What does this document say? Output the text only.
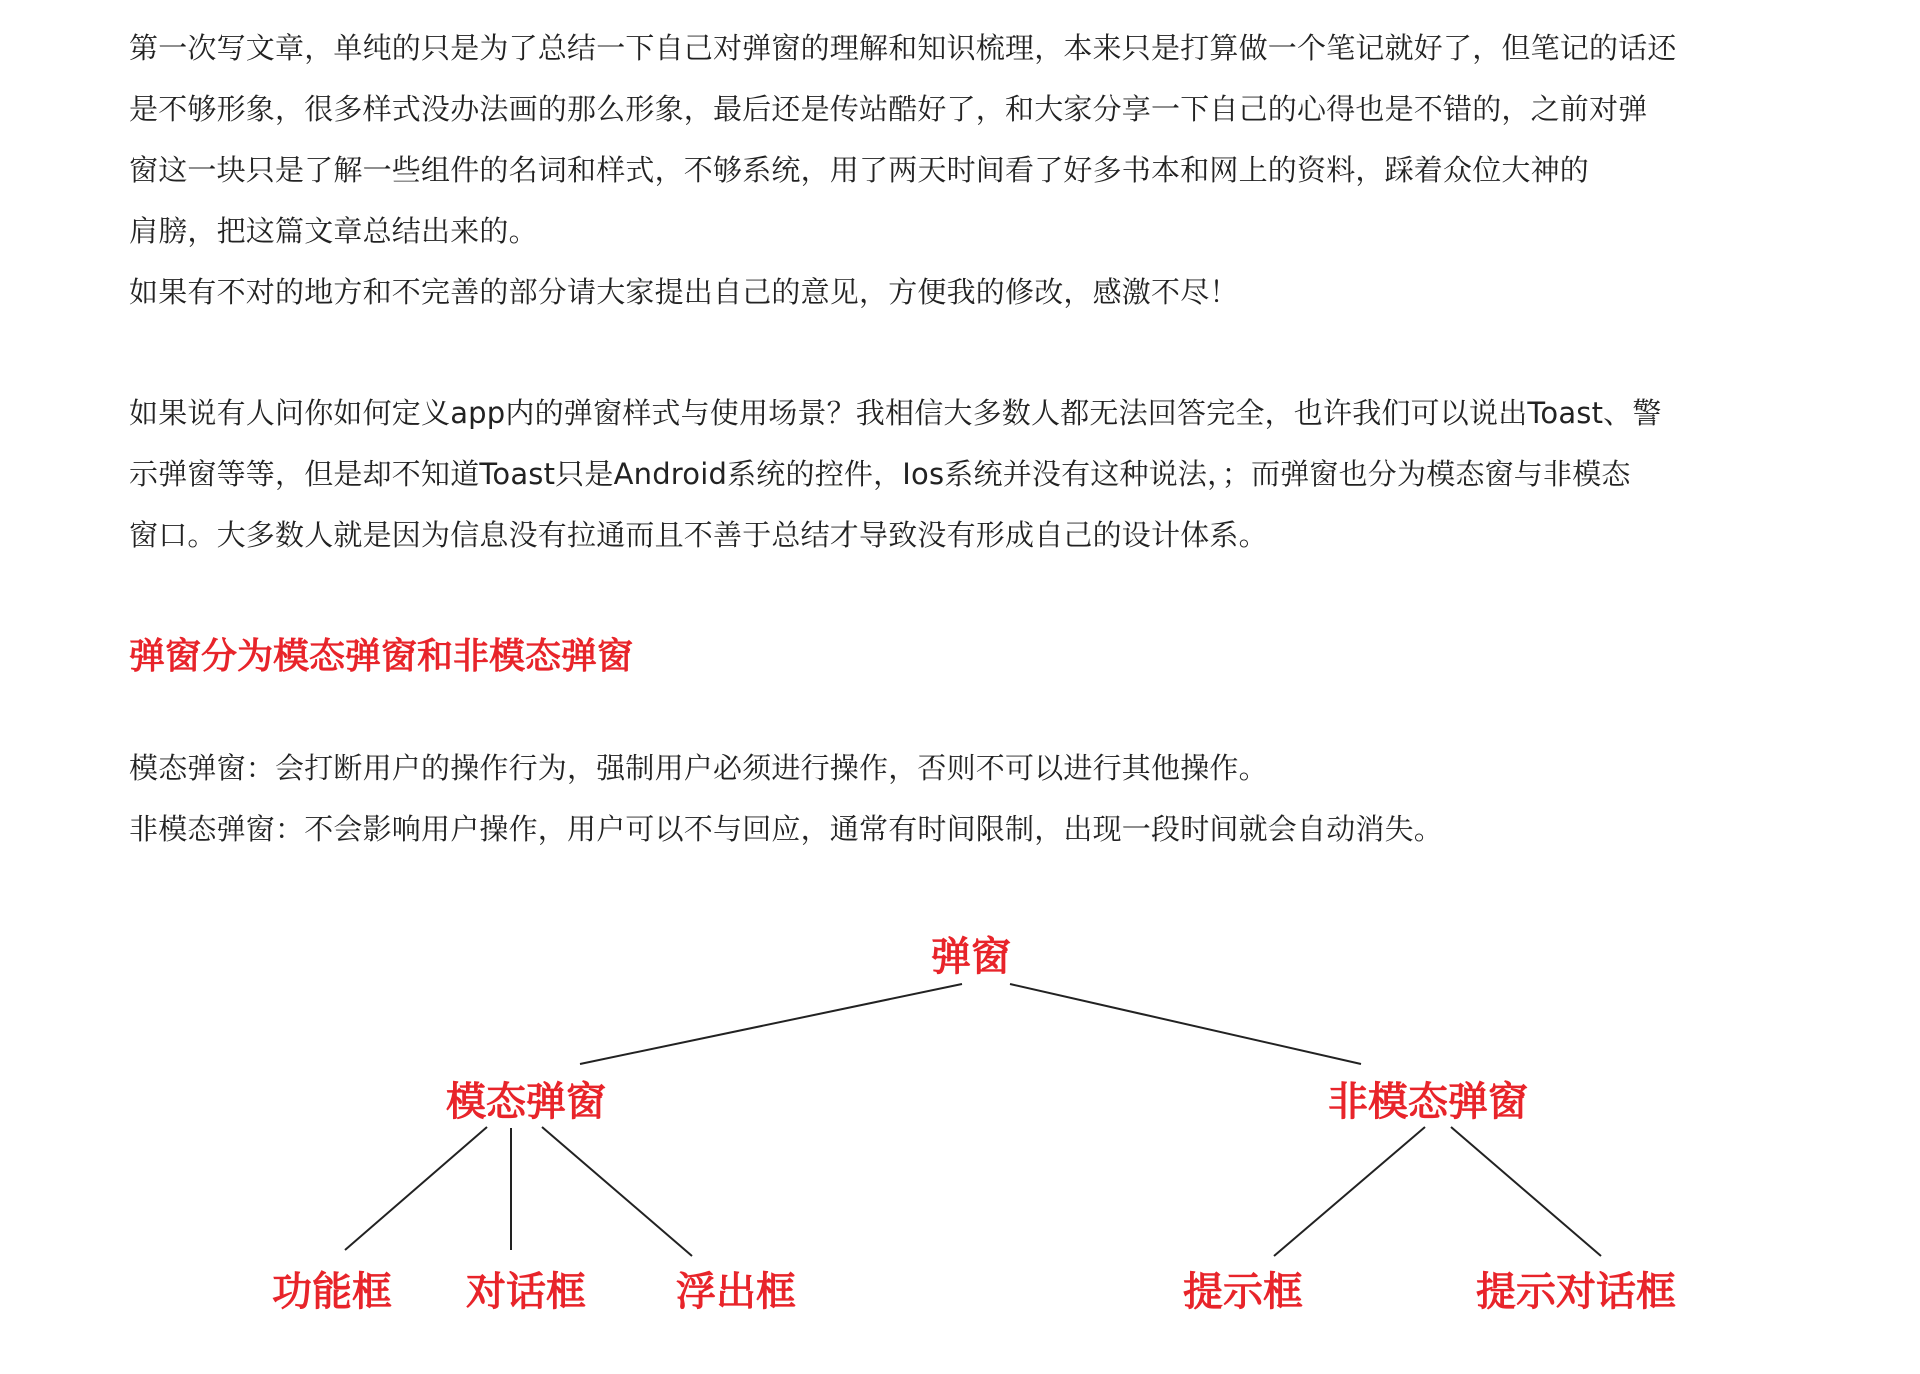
第一次写文章，单纯的只是为了总结一下自己对弹窗的理解和知识梳理，本来只是打算做一个笔记就好了，但笔记的话还
是不够形象，很多样式没办法画的那么形象，最后还是传站酷好了，和大家分享一下自己的心得也是不错的，之前对弹
窗这一块只是了解一些组件的名词和样式，不够系统，用了两天时间看了好多书本和网上的资料，踩着众位大神的
肩膀，把这篇文章总结出来的。
如果有不对的地方和不完善的部分请大家提出自己的意见，方便我的修改，感激不尽！

如果说有人问你如何定义app内的弹窗样式与使用场景？我相信大多数人都无法回答完全，也许我们可以说出Toast、警
示弹窗等等，但是却不知道Toast只是Android系统的控件，Ios系统并没有这种说法，；而弹窗也分为模态窗与非模态
窗口。大多数人就是因为信息没有拉通而且不善于总结才导致没有形成自己的设计体系。

弹窗分为模态弹窗和非模态弹窗

模态弹窗：会打断用户的操作行为，强制用户必须进行操作，否则不可以进行其他操作。
非模态弹窗：不会影响用户操作，用户可以不与回应，通常有时间限制，出现一段时间就会自动消失。

弹窗
模态弹窗	非模态弹窗
功能框 对话框 浮出框	提示框	提示对话框
